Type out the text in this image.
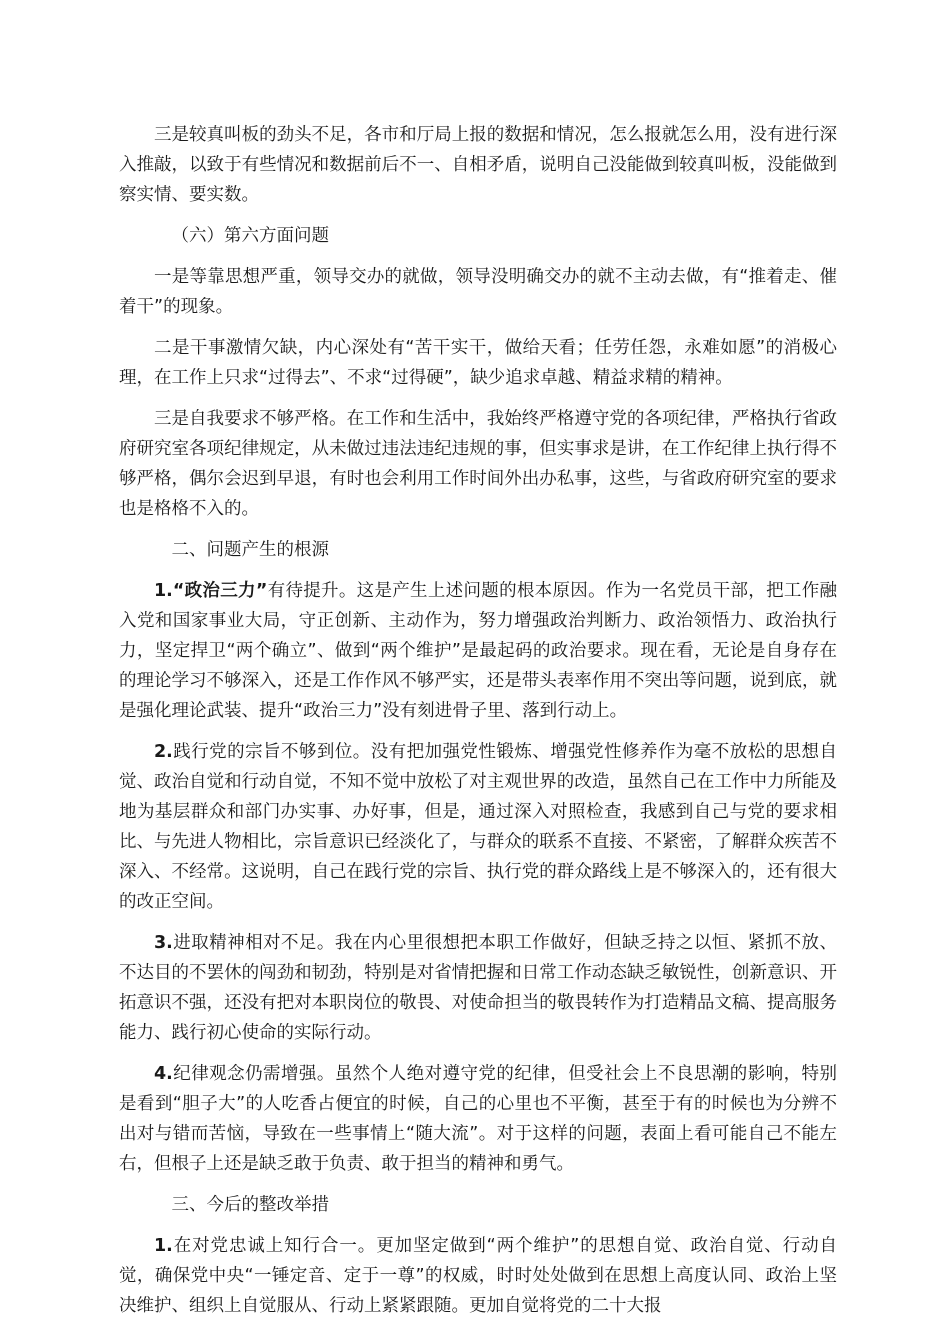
三是较真叫板的劲头不足，各市和厅局上报的数据和情况，怎么报就怎么用，没有进行深入推敲，以致于有些情况和数据前后不一、自相矛盾，说明自己没能做到较真叫板，没能做到察实情、要实数。

（六）第六方面问题

一是等靠思想严重，领导交办的就做，领导没明确交办的就不主动去做，有“推着走、催着干”的现象。

二是干事激情欠缺，内心深处有“苦干实干，做给天看；任劳任怨，永难如愿”的消极心理，在工作上只求“过得去”、不求“过得硬”，缺少追求卓越、精益求精的精神。

三是自我要求不够严格。在工作和生活中，我始终严格遵守党的各项纪律，严格执行省政府研究室各项纪律规定，从未做过违法违纪违规的事，但实事求是讲，在工作纪律上执行得不够严格，偶尔会迟到早退，有时也会利用工作时间外出办私事，这些，与省政府研究室的要求也是格格不入的。

二、问题产生的根源

1.“政治三力”有待提升。这是产生上述问题的根本原因。作为一名党员干部，把工作融入党和国家事业大局，守正创新、主动作为，努力增强政治判断力、政治领悟力、政治执行力，坚定捍卫“两个确立”、做到“两个维护”是最起码的政治要求。现在看，无论是自身存在的理论学习不够深入，还是工作作风不够严实，还是带头表率作用不突出等问题，说到底，就是强化理论武装、提升“政治三力”没有刻进骨子里、落到行动上。

2.践行党的宗旨不够到位。没有把加强党性锻炼、增强党性修养作为毫不放松的思想自觉、政治自觉和行动自觉，不知不觉中放松了对主观世界的改造，虽然自己在工作中力所能及地为基层群众和部门办实事、办好事，但是，通过深入对照检查，我感到自己与党的要求相比、与先进人物相比，宗旨意识已经淡化了，与群众的联系不直接、不紧密，了解群众疾苦不深入、不经常。这说明，自己在践行党的宗旨、执行党的群众路线上是不够深入的，还有很大的改正空间。

3.进取精神相对不足。我在内心里很想把本职工作做好，但缺乏持之以恒、紧抓不放、不达目的不罢休的闯劲和韧劲，特别是对省情把握和日常工作动态缺乏敏锐性，创新意识、开拓意识不强，还没有把对本职岗位的敬畏、对使命担当的敬畏转作为打造精品文稿、提高服务能力、践行初心使命的实际行动。

4.纪律观念仍需增强。虽然个人绝对遵守党的纪律，但受社会上不良思潮的影响，特别是看到“胆子大”的人吃香占便宜的时候，自己的心里也不平衡，甚至于有的时候也为分辨不出对与错而苦恼，导致在一些事情上“随大流”。对于这样的问题，表面上看可能自己不能左右，但根子上还是缺乏敢于负责、敢于担当的精神和勇气。

三、今后的整改举措

1.在对党忠诚上知行合一。更加坚定做到“两个维护”的思想自觉、政治自觉、行动自觉，确保党中央“一锤定音、定于一尊”的权威，时时处处做到在思想上高度认同、政治上坚决维护、组织上自觉服从、行动上紧紧跟随。更加自觉将党的二十大报
